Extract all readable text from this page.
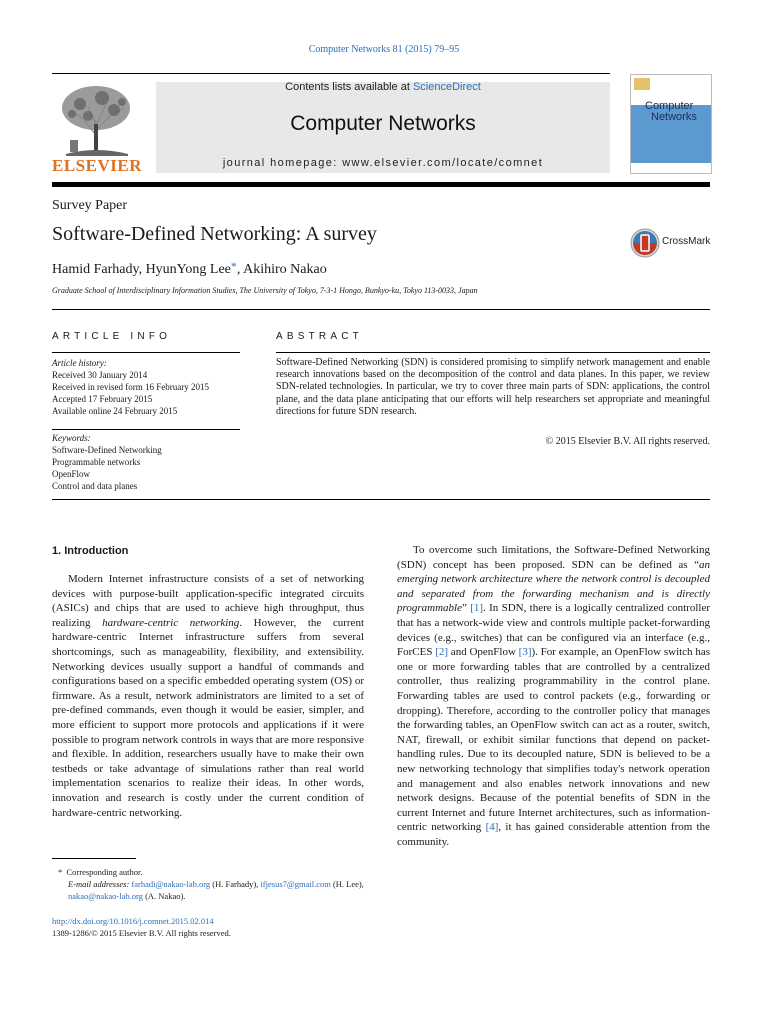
Computer Networks 81 (2015) 79–95
ELSEVIER
Contents lists available at ScienceDirect
Computer Networks
journal homepage: www.elsevier.com/locate/comnet
Computer
Networks
Survey Paper
Software-Defined Networking: A survey	CrossMark
Hamid Farhady, HyunYong Lee*, Akihiro Nakao
Graduate School of Interdisciplinary Information Studies, The University of Tokyo, 7-3-1 Hongo, Bunkyo-ku, Tokyo 113-0033, Japan
ARTICLE INFO	ABSTRACT
Article history:
Received 30 January 2014
Received in revised form 16 February 2015
Accepted 17 February 2015
Available online 24 February 2015
Keywords:
Software-Defined Networking
Programmable networks
OpenFlow
Control and data planes
Software-Defined Networking (SDN) is considered promising to simplify network management and enable research innovations based on the decomposition of the control and data planes. In this paper, we review SDN-related technologies. In particular, we try to cover three main parts of SDN: applications, the control plane, and the data plane anticipating that our efforts will help researchers set appropriate and meaningful directions for future SDN research.
© 2015 Elsevier B.V. All rights reserved.
1. Introduction
Modern Internet infrastructure consists of a set of networking devices with purpose-built application-specific integrated circuits (ASICs) and chips that are used to achieve high throughput, thus realizing hardware-centric networking. However, the current hardware-centric Internet infrastructure suffers from several shortcomings, such as manageability, flexibility, and extensibility. Networking devices usually support a handful of commands and configurations based on a specific embedded operating system (OS) or firmware. As a result, network administrators are limited to a set of pre-defined commands, even though it would be easier, simpler, and more efficient to support more protocols and applications if it were possible to program network controls in ways that are more responsive and flexible. In addition, researchers usually have to make their own testbeds or take advantage of simulations rather than real world implementation scenarios to realize their ideas. In other words, innovation and research is costly under the current condition of hardware-centric networking.
To overcome such limitations, the Software-Defined Networking (SDN) concept has been proposed. SDN can be defined as “an emerging network architecture where the network control is decoupled and separated from the forwarding mechanism and is directly programmable” [1]. In SDN, there is a logically centralized controller that has a network-wide view and controls multiple packet-forwarding devices (e.g., switches) that can be configured via an interface (e.g., ForCES [2] and OpenFlow [3]). For example, an OpenFlow switch has one or more forwarding tables that are controlled by a centralized controller, thus realizing programmability in the control plane. Forwarding tables are used to control packets (e.g., forwarding or dropping). Therefore, according to the controller policy that manages the forwarding tables, an OpenFlow switch can act as a router, switch, NAT, firewall, or exhibit similar functions that depend on packet-handling rules. Due to its decoupled nature, SDN is believed to be a new networking technology that simplifies today's network operation and management and also enables network innovations and new network designs. Because of the potential benefits of SDN in the current Internet and future Internet architectures, such as information-centric networking [4], it has gained considerable attention from the community.
* Corresponding author.
E-mail addresses: farhadi@nakao-lab.org (H. Farhady), ifjesus7@gmail.com (H. Lee), nakao@nakao-lab.org (A. Nakao).
http://dx.doi.org/10.1016/j.comnet.2015.02.014
1389-1286/© 2015 Elsevier B.V. All rights reserved.
